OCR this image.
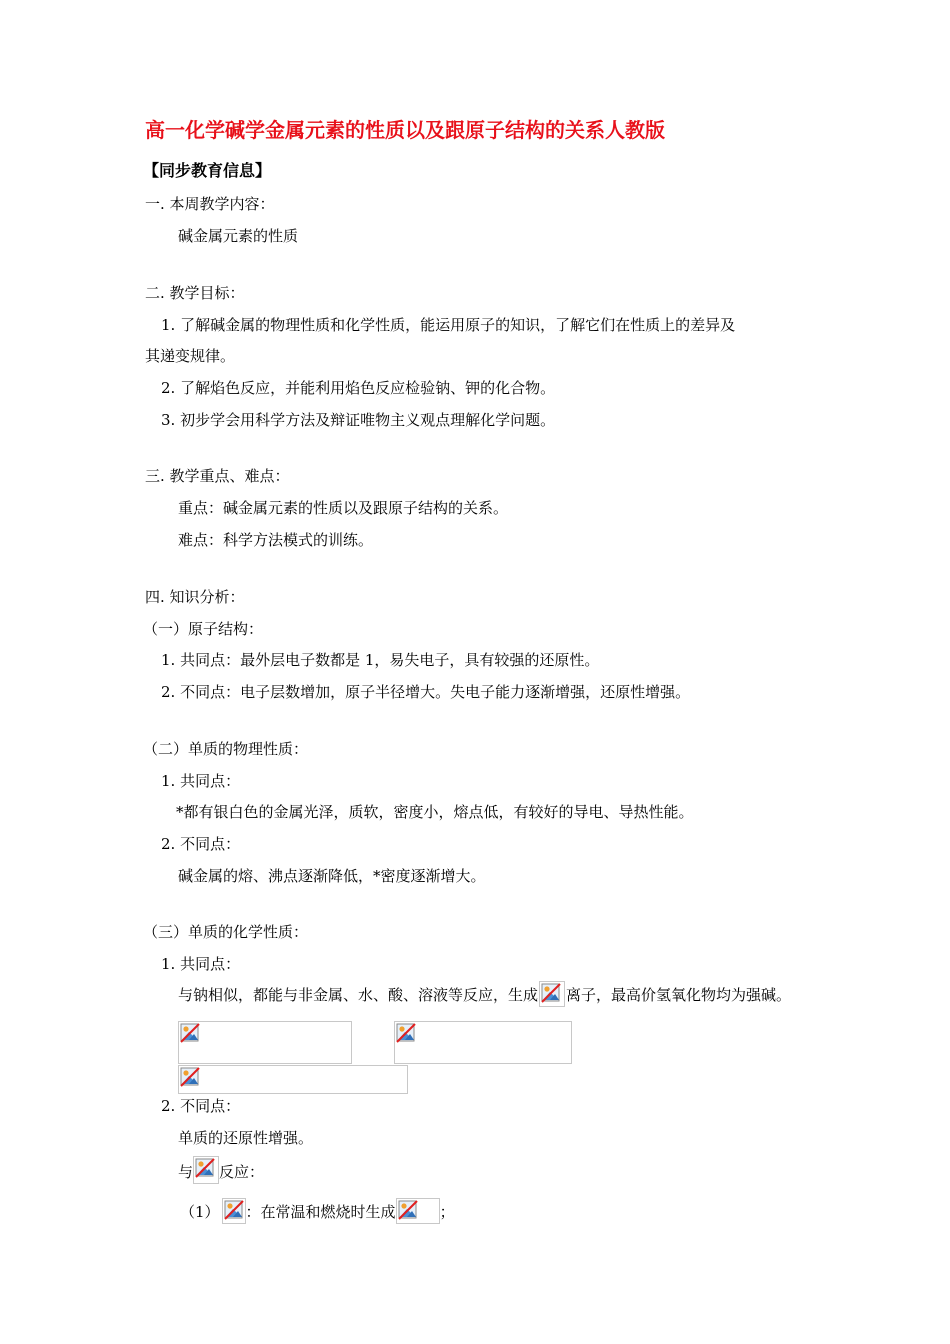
高一化学碱学金属元素的性质以及跟原子结构的关系人教版
【同步教育信息】
一. 本周教学内容：
碱金属元素的性质
二. 教学目标：
1. 了解碱金属的物理性质和化学性质，能运用原子的知识，了解它们在性质上的差异及
其递变规律。
2. 了解焰色反应，并能利用焰色反应检验钠、钾的化合物。
3. 初步学会用科学方法及辩证唯物主义观点理解化学问题。
三. 教学重点、难点：
重点：碱金属元素的性质以及跟原子结构的关系。
难点：科学方法模式的训练。
四. 知识分析：
（一）原子结构：
1. 共同点：最外层电子数都是 1，易失电子，具有较强的还原性。
2. 不同点：电子层数增加，原子半径增大。失电子能力逐渐增强，还原性增强。
（二）单质的物理性质：
1. 共同点：
*都有银白色的金属光泽，质软，密度小，熔点低，有较好的导电、导热性能。
2. 不同点：
碱金属的熔、沸点逐渐降低，*密度逐渐增大。
（三）单质的化学性质：
1. 共同点：
与钠相似，都能与非金属、水、酸、溶液等反应，生成 离子，最高价氢氧化物均为强碱。
2. 不同点：
单质的还原性增强。
与 反应：
（1） ：在常温和燃烧时生成	；
